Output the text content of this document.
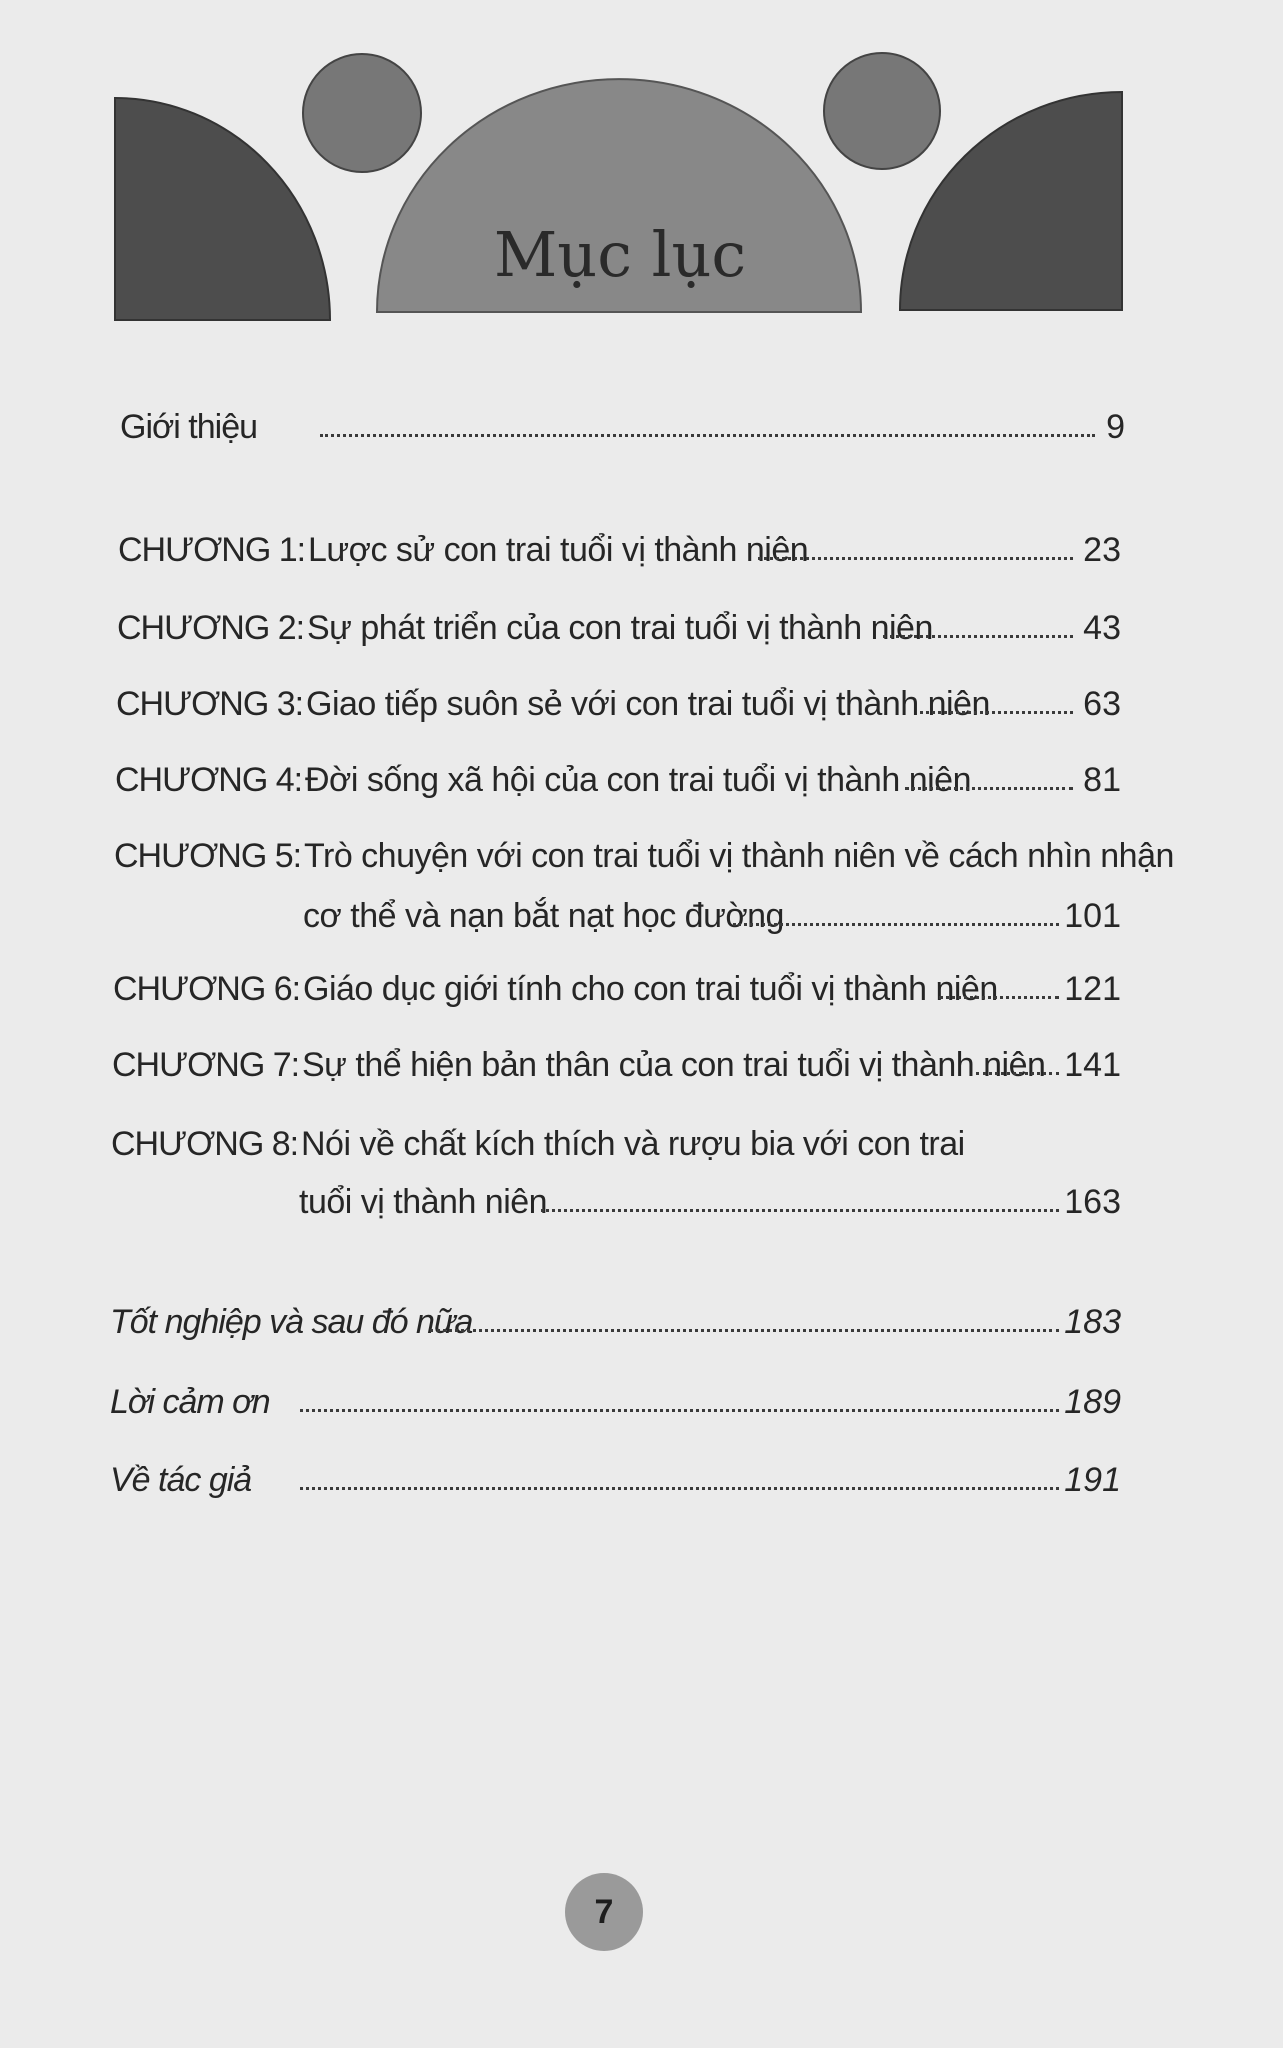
Mục lục
Giới thiệu	9
CHƯƠNG 1: Lược sử con trai tuổi vị thành niên	23
CHƯƠNG 2: Sự phát triển của con trai tuổi vị thành niên	43
CHƯƠNG 3: Giao tiếp suôn sẻ với con trai tuổi vị thành niên	63
CHƯƠNG 4: Đời sống xã hội của con trai tuổi vị thành niên	81
CHƯƠNG 5: Trò chuyện với con trai tuổi vị thành niên về cách nhìn nhận
cơ thể và nạn bắt nạt học đường	101
CHƯƠNG 6: Giáo dục giới tính cho con trai tuổi vị thành niên 121
CHƯƠNG 7: Sự thể hiện bản thân của con trai tuổi vị thành niên 141
CHƯƠNG 8: Nói về chất kích thích và rượu bia với con trai
tuổi vị thành niên	163
Tốt nghiệp và sau đó nữa	183
Lời cảm ơn	189
Về tác giả	191
7
